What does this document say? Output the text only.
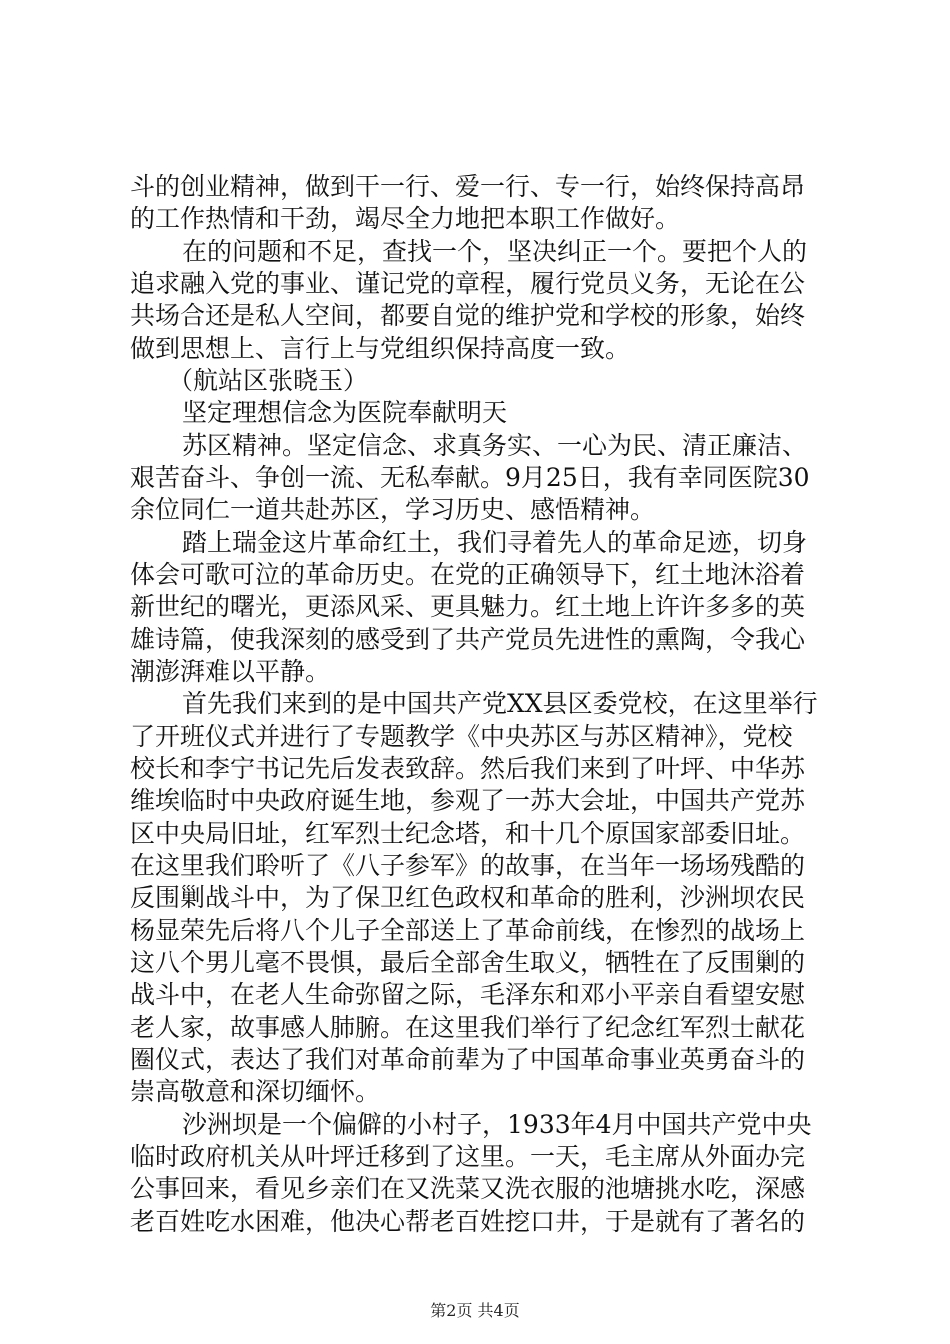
斗的创业精神，做到干一行、爱一行、专一行，始终保持高昂
的工作热情和干劲，竭尽全力地把本职工作做好。
在的问题和不足，查找一个，坚决纠正一个。要把个人的
追求融入党的事业、谨记党的章程，履行党员义务，无论在公
共场合还是私人空间，都要自觉的维护党和学校的形象，始终
做到思想上、言行上与党组织保持高度一致。
（航站区张晓玉）
坚定理想信念为医院奉献明天
苏区精神。坚定信念、求真务实、一心为民、清正廉洁、
艰苦奋斗、争创一流、无私奉献。9月25日，我有幸同医院30
余位同仁一道共赴苏区，学习历史、感悟精神。
踏上瑞金这片革命红土，我们寻着先人的革命足迹，切身
体会可歌可泣的革命历史。在党的正确领导下，红土地沐浴着
新世纪的曙光，更添风采、更具魅力。红土地上许许多多的英
雄诗篇，使我深刻的感受到了共产党员先进性的熏陶，令我心
潮澎湃难以平静。
首先我们来到的是中国共产党XX县区委党校，在这里举行
了开班仪式并进行了专题教学《中央苏区与苏区精神》，党校
校长和李宁书记先后发表致辞。然后我们来到了叶坪、中华苏
维埃临时中央政府诞生地，参观了一苏大会址，中国共产党苏
区中央局旧址，红军烈士纪念塔，和十几个原国家部委旧址。
在这里我们聆听了《八子参军》的故事，在当年一场场残酷的
反围剿战斗中，为了保卫红色政权和革命的胜利，沙洲坝农民
杨显荣先后将八个儿子全部送上了革命前线，在惨烈的战场上
这八个男儿毫不畏惧，最后全部舍生取义，牺牲在了反围剿的
战斗中，在老人生命弥留之际，毛泽东和邓小平亲自看望安慰
老人家，故事感人肺腑。在这里我们举行了纪念红军烈士献花
圈仪式，表达了我们对革命前辈为了中国革命事业英勇奋斗的
崇高敬意和深切缅怀。
沙洲坝是一个偏僻的小村子，1933年4月中国共产党中央
临时政府机关从叶坪迁移到了这里。一天，毛主席从外面办完
公事回来，看见乡亲们在又洗菜又洗衣服的池塘挑水吃，深感
老百姓吃水困难，他决心帮老百姓挖口井，于是就有了著名的
第2页 共4页
